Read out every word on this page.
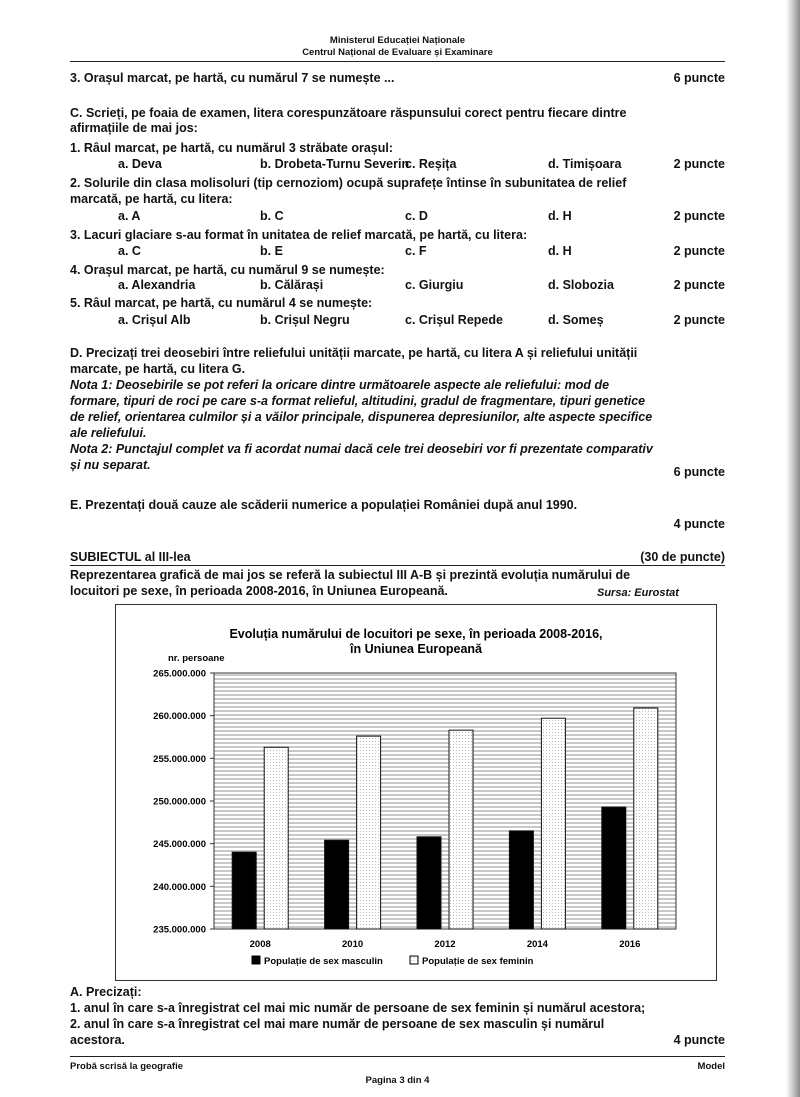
Ministerul Educației Naționale
Centrul Național de Evaluare și Examinare
3. Orașul marcat, pe hartă, cu numărul 7 se numește ...	6 puncte
C. Scrieți, pe foaia de examen, litera corespunzătoare răspunsului corect pentru fiecare dintre
afirmațiile de mai jos:
1. Râul marcat, pe hartă, cu numărul 3 străbate orașul:
a. Deva	b. Drobeta-Turnu Severin
c. Reșița	d. Timișoara	2 puncte
2. Solurile din clasa molisoluri (tip cernoziom) ocupă suprafețe întinse în subunitatea de relief
marcată, pe hartă, cu litera:
a. A	b. C	c. D	d. H	2 puncte
3. Lacuri glaciare s-au format în unitatea de relief marcată, pe hartă, cu litera:
a. C	b. E	c. F	d. H	2 puncte
4. Orașul marcat, pe hartă, cu numărul 9 se numește:
a. Alexandria	b. Călărași	c. Giurgiu	d. Slobozia	2 puncte
5. Râul marcat, pe hartă, cu numărul 4 se numește:
a. Crișul Alb	b. Crișul Negru	c. Crișul Repede	d. Someș	2 puncte
D. Precizați trei deosebiri între reliefului unității marcate, pe hartă, cu litera A și reliefului unității
marcate, pe hartă, cu litera G.
Nota 1: Deosebirile se pot referi la oricare dintre următoarele aspecte ale reliefului: mod de
formare, tipuri de roci pe care s-a format relieful, altitudini, gradul de fragmentare, tipuri genetice
de relief, orientarea culmilor și a văilor principale, dispunerea depresiunilor, alte aspecte specifice
ale reliefului.
Nota 2: Punctajul complet va fi acordat numai dacă cele trei deosebiri vor fi prezentate comparativ
și nu separat.	6 puncte
E. Prezentați două cauze ale scăderii numerice a populației României după anul 1990.
4 puncte
SUBIECTUL al III-lea	(30 de puncte)
Reprezentarea grafică de mai jos se referă la subiectul III A-B și prezintă evoluția numărului de
locuitori pe sexe, în perioada 2008-2016, în Uniunea Europeană.	Sursa: Eurostat
Evoluția numărului de locuitori pe sexe, în perioada 2008-2016,
în Uniunea Europeană
nr. persoane
235.000.000
240.000.000
245.000.000
250.000.000
255.000.000
260.000.000
265.000.000
2008	2010	2012	2014	2016
Populație de sex masculin	Populație de sex feminin
A. Precizați:
1. anul în care s-a înregistrat cel mai mic număr de persoane de sex feminin și numărul acestora;
2. anul în care s-a înregistrat cel mai mare număr de persoane de sex masculin și numărul
acestora.	4 puncte
Probă scrisă la geografie	Model
Pagina 3 din 4
